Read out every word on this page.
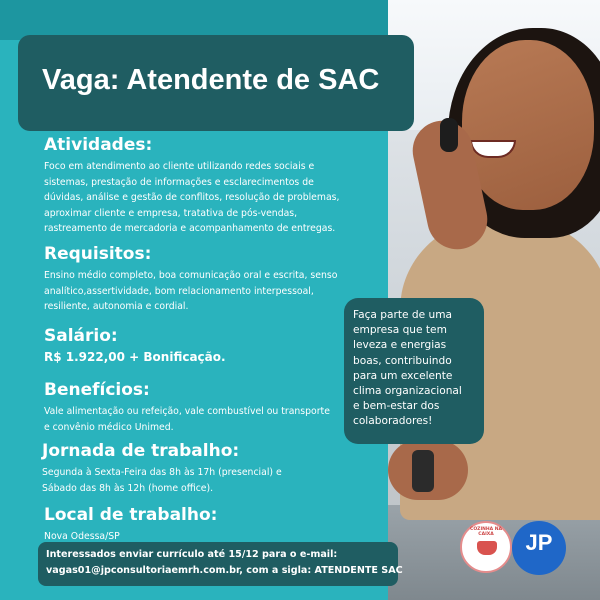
Vaga: Atendente de SAC
Atividades:

Foco em atendimento ao cliente utilizando redes sociais e

sistemas, prestação de informações e esclarecimentos de

dúvidas, análise e gestão de conflitos, resolução de problemas,

aproximar cliente e empresa, tratativa de pós-vendas,

rastreamento de mercadoria e acompanhamento de entregas.

Requisitos:

Ensino médio completo, boa comunicação oral e escrita, senso

analítico,assertividade, bom relacionamento interpessoal,

resiliente, autonomia e cordial.

Salário:

R$ 1.922,00 + Bonificação.

Benefícios:

Vale alimentação ou refeição, vale combustível ou transporte

e convênio médico Unimed.

Jornada de trabalho:

Segunda à Sexta-Feira das 8h às 17h (presencial) e

Sábado das 8h às 12h (home office).

Local de trabalho:

Nova Odessa/SP

Faça parte de uma

empresa que tem

leveza e energias

boas, contribuindo

para um excelente

clima organizacional

e bem-estar dos

colaboradores!

Interessados enviar currículo até 15/12 para o e-mail:

vagas01@jpconsultoriaemrh.com.br, com a sigla: ATENDENTE SAC

COZINHA NA CAIXA	JP
